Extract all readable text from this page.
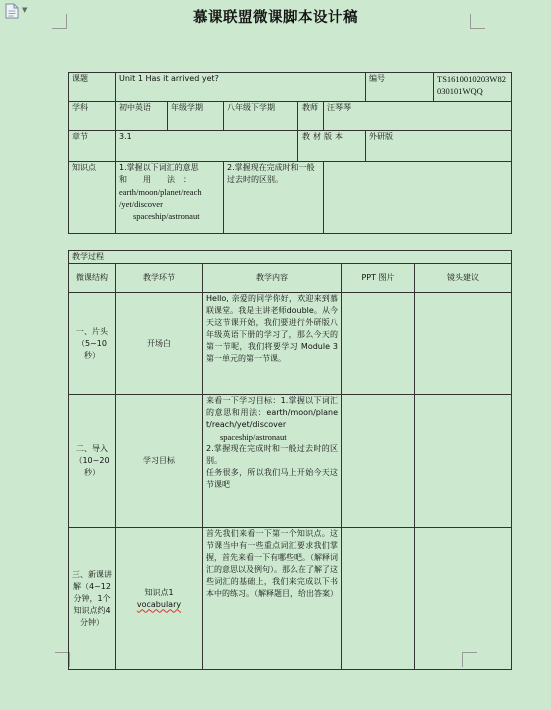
▼	慕课联盟微课脚本设计稿
课题	Unit 1 Has it arrived yet?					编号	TS1610010203W82030101WQQ
学科	初中英语	年级学期	八年级下学期	教师	汪琴琴		
章节	3.1			教材版本		外研版	
知识点	1.掌握以下词汇的意思
和　　用　　法　：
earth/moon/planet/reach
/yet/discover
spaceship/astronaut		2.掌握现在完成时和一般过去时的区别。				
教学过程				
微课结构	教学环节	教学内容	PPT 图片	镜头建议
一、片头（5~10秒）	开场白	Hello, 亲爱的同学你好，欢迎来到慕联课堂。我是主讲老师double。从今天这节课开始，我们要进行外研版八年级英语下册的学习了，那么今天的第一节呢，我们将要学习 Module 3 第一单元的第一节课。		
二、导入（10~20秒）	学习目标	来看一下学习目标：1.掌握以下词汇的意思和用法：earth/moon/planet/reach/yet/discover
spaceship/astronaut
2.掌握现在完成时和一般过去时的区别。
任务很多，所以我们马上开始今天这节课吧		

三、新课讲解（4~12分钟，1个知识点约4分钟）	知识点1
vocabulary	首先我们来看一下第一个知识点。这节课当中有一些重点词汇要求我们掌握，首先来看一下有哪些吧。（解释词汇的意思以及例句）。那么在了解了这些词汇的基础上，我们来完成以下书本中的练习。（解释题目，给出答案）		
